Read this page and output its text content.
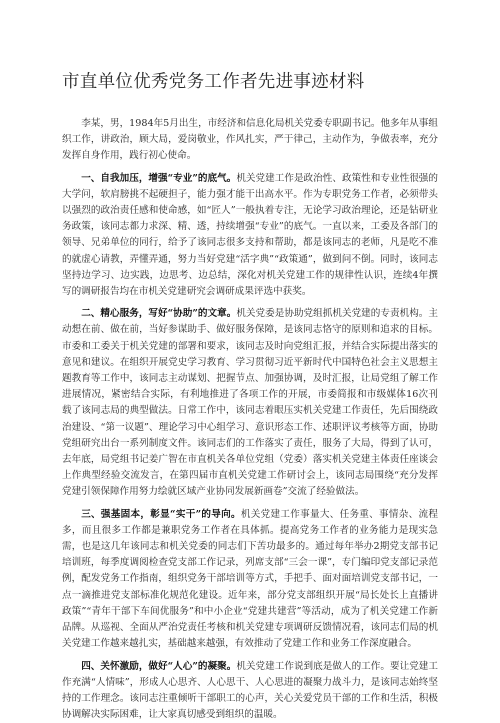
市直单位优秀党务工作者先进事迹材料

李某，男，1984年5月出生，市经济和信息化局机关党委专职副书记。他多年从事组织工作，讲政治，顾大局，爱岗敬业，作风扎实，严于律己，主动作为，争做表率，充分发挥自身作用，践行初心使命。

一、自我加压，增强“专业”的底气。机关党建工作是政治性、政策性和专业性很强的大学问，软肩膀挑不起硬担子，能力强才能干出高水平。作为专职党务工作者，必须带头以强烈的政治责任感和使命感，如“匠人”一般执着专注，无论学习政治理论，还是钻研业务政策，该同志都力求深、精、透，持续增强“专业”的底气。一直以来，工委及各部门的领导、兄弟单位的同行，给予了该同志很多支持和帮助，都是该同志的老师，凡是吃不准的就虚心请教，弄懂弄通，努力当好党建“活字典”“政策通”，做到问不倒。同时，该同志坚持边学习、边实践，边思考、边总结，深化对机关党建工作的规律性认识，连续4年撰写的调研报告均在市机关党建研究会调研成果评选中获奖。

二、精心服务，写好“协助”的文章。机关党委是协助党组抓机关党建的专责机构。主动想在前、做在前，当好参谋助手、做好服务保障，是该同志恪守的原则和追求的目标。市委和工委关于机关党建的部署和要求，该同志及时向党组汇报，并结合实际提出落实的意见和建议。在组织开展党史学习教育、学习贯彻习近平新时代中国特色社会主义思想主题教育等工作中，该同志主动谋划、把握节点、加强协调，及时汇报，让局党组了解工作进展情况，紧密结合实际，有利地推进了各项工作的开展，市委简报和市级媒体16次刊载了该同志局的典型做法。日常工作中，该同志着眼压实机关党建工作责任，先后围绕政治建设、“第一议题”、理论学习中心组学习、意识形态工作、述职评议考核等方面，协助党组研究出台一系列制度文件。该同志们的工作落实了责任，服务了大局，得到了认可，去年底，局党组书记姜广智在市直机关各单位党组（党委）落实机关党建主体责任座谈会上作典型经验交流发言，在第四届市直机关党建工作研讨会上，该同志局围绕“充分发挥党建引领保障作用努力绘就区域产业协同发展新画卷”交流了经验做法。

三、强基固本，彰显“实干”的导向。机关党建工作事量大、任务重、事情杂、流程多，而且很多工作都是兼职党务工作者在具体抓。提高党务工作者的业务能力是现实急需，也是这几年该同志和机关党委的同志们下苦功最多的。通过每年举办2期党支部书记培训班，每季度调阅检查党支部工作记录，列席支部“三会一课”，专门编印党支部记录范例，配发党务工作指南，组织党务干部培训等方式，手把手、面对面培训党支部书记，一点一滴推进党支部标准化规范化建设。近年来，部分党支部组织开展“局长处长上直播讲政策”“青年干部下车间优服务”和中小企业“党建共建营”等活动，成为了机关党建工作新品牌。从巡视、全面从严治党责任考核和机关党建专项调研反馈情况看，该同志们局的机关党建工作越来越扎实，基础越来越强，有效推动了党建工作和业务工作深度融合。

四、关怀激励，做好“人心”的凝聚。机关党建工作说到底是做人的工作。要让党建工作充满“人情味”，形成人心思齐、人心思干、人心思进的凝聚力战斗力，是该同志始终坚持的工作理念。该同志注重倾听干部职工的心声，关心关爱党员干部的工作和生活，积极协调解决实际困难，让大家真切感受到组织的温暖。
